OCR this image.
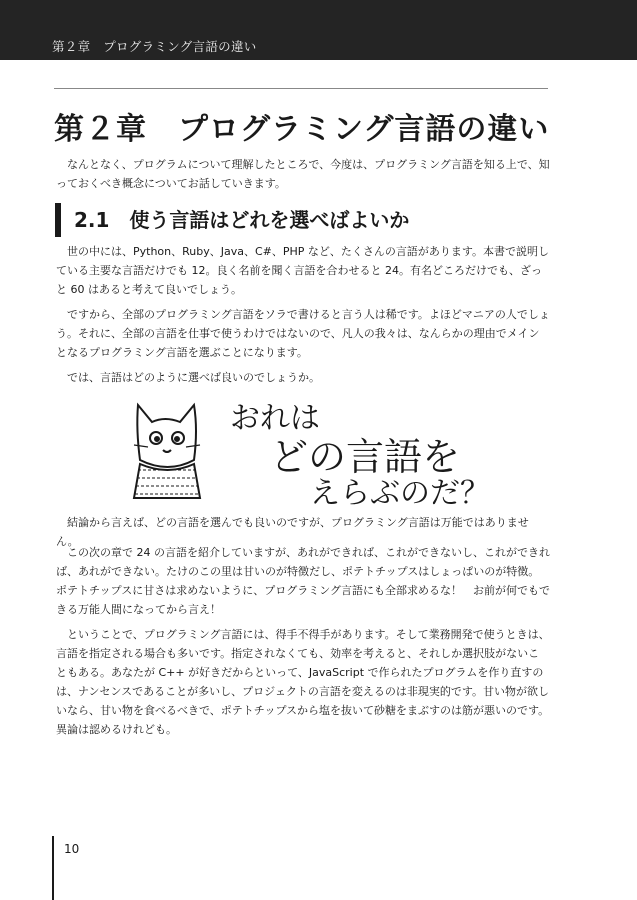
第２章　プログラミング言語の違い
第２章　プログラミング言語の違い

なんとなく、プログラムについて理解したところで、今度は、プログラミング言語を知る上で、知っておくべき概念についてお話していきます。

2.1　使う言語はどれを選べばよいか

世の中には、Python、Ruby、Java、C#、PHP など、たくさんの言語があります。本書で説明している主要な言語だけでも 12。良く名前を聞く言語を合わせると 24。有名どころだけでも、ざっと 60 はあると考えて良いでしょう。

ですから、全部のプログラミング言語をソラで書けると言う人は稀です。よほどマニアの人でしょう。それに、全部の言語を仕事で使うわけではないので、凡人の我々は、なんらかの理由でメインとなるプログラミング言語を選ぶことになります。

では、言語はどのように選べば良いのでしょうか。

おれは
どの言語を
えらぶのだ？

結論から言えば、どの言語を選んでも良いのですが、プログラミング言語は万能ではありません。

この次の章で 24 の言語を紹介していますが、あれができれば、これができないし、これができれば、あれができない。たけのこの里は甘いのが特徴だし、ポテトチップスはしょっぱいのが特徴。ポテトチップスに甘さは求めないように、プログラミング言語にも全部求めるな！　お前が何でもできる万能人間になってから言え！

ということで、プログラミング言語には、得手不得手があります。そして業務開発で使うときは、言語を指定される場合も多いです。指定されなくても、効率を考えると、それしか選択肢がないこともある。あなたが C++ が好きだからといって、JavaScript で作られたプログラムを作り直すのは、ナンセンスであることが多いし、プロジェクトの言語を変えるのは非現実的です。甘い物が欲しいなら、甘い物を食べるべきで、ポテトチップスから塩を抜いて砂糖をまぶすのは筋が悪いのです。異論は認めるけれども。

10
